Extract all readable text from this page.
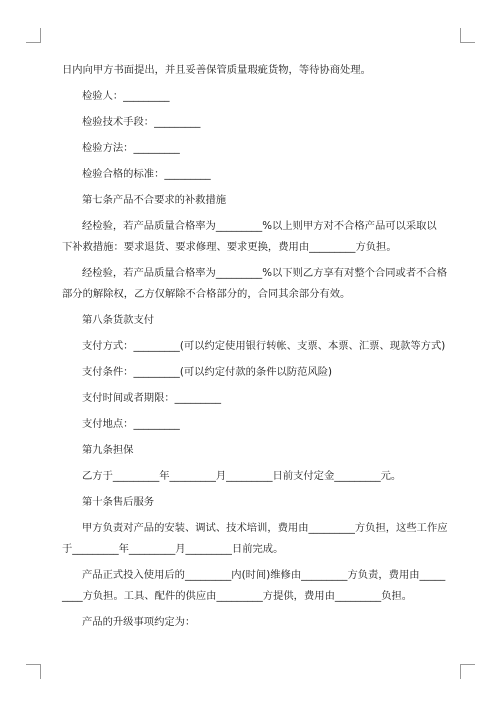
日内向甲方书面提出，并且妥善保管质量瑕疵货物，等待协商处理。

检验人：_________

检验技术手段：_________

检验方法：_________

检验合格的标准：_________

第七条产品不合要求的补救措施

经检验，若产品质量合格率为_________%以上则甲方对不合格产品可以采取以

下补救措施：要求退货、要求修理、要求更换，费用由_________方负担。

经检验，若产品质量合格率为_________%以下则乙方享有对整个合同或者不合格

部分的解除权，乙方仅解除不合格部分的，合同其余部分有效。

第八条货款支付

支付方式：_________(可以约定使用银行转帐、支票、本票、汇票、现款等方式)

支付条件：_________(可以约定付款的条件以防范风险)

支付时间或者期限：_________

支付地点：_________

第九条担保

乙方于_________年_________月_________日前支付定金_________元。

第十条售后服务

甲方负责对产品的安装、调试、技术培训，费用由_________方负担，这些工作应

于_________年_________月_________日前完成。

产品正式投入使用后的_________内(时间)维修由_________方负责，费用由_____

____方负担。工具、配件的供应由_________方提供，费用由_________负担。

产品的升级事项约定为：
